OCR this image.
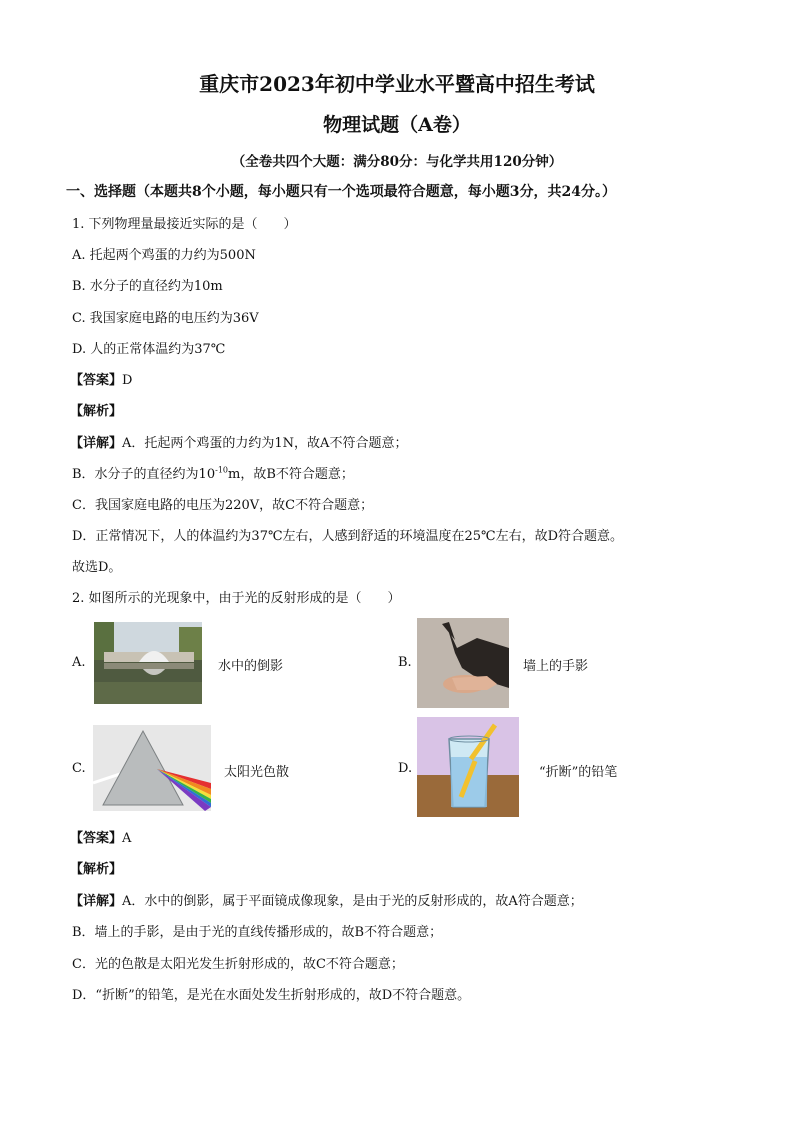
重庆市2023年初中学业水平暨高中招生考试
物理试题（A卷）
（全卷共四个大题：满分80分：与化学共用120分钟）
一、选择题（本题共8个小题，每小题只有一个选项最符合题意，每小题3分，共24分。）
1. 下列物理量最接近实际的是（　　）
A. 托起两个鸡蛋的力约为500N
B. 水分子的直径约为10m
C. 我国家庭电路的电压约为36V
D. 人的正常体温约为37℃
【答案】D
【解析】
【详解】A．托起两个鸡蛋的力约为1N，故A不符合题意；
B．水分子的直径约为$10^{-10}m$，故B不符合题意；
C．我国家庭电路的电压为220V，故C不符合题意；
D．正常情况下，人的体温约为37℃左右，人感到舒适的环境温度在25℃左右，故D符合题意。
故选D。
2. 如图所示的光现象中，由于光的反射形成的是（　　）
A.	水中的倒影	B.	墙上的手影
C.	太阳光色散	D.	“折断”的铅笔
【答案】A
【解析】
【详解】A．水中的倒影，属于平面镜成像现象，是由于光的反射形成的，故A符合题意；
B．墙上的手影，是由于光的直线传播形成的，故B不符合题意；
C．光的色散是太阳光发生折射形成的，故C不符合题意；
D．“折断”的铅笔，是光在水面处发生折射形成的，故D不符合题意。
